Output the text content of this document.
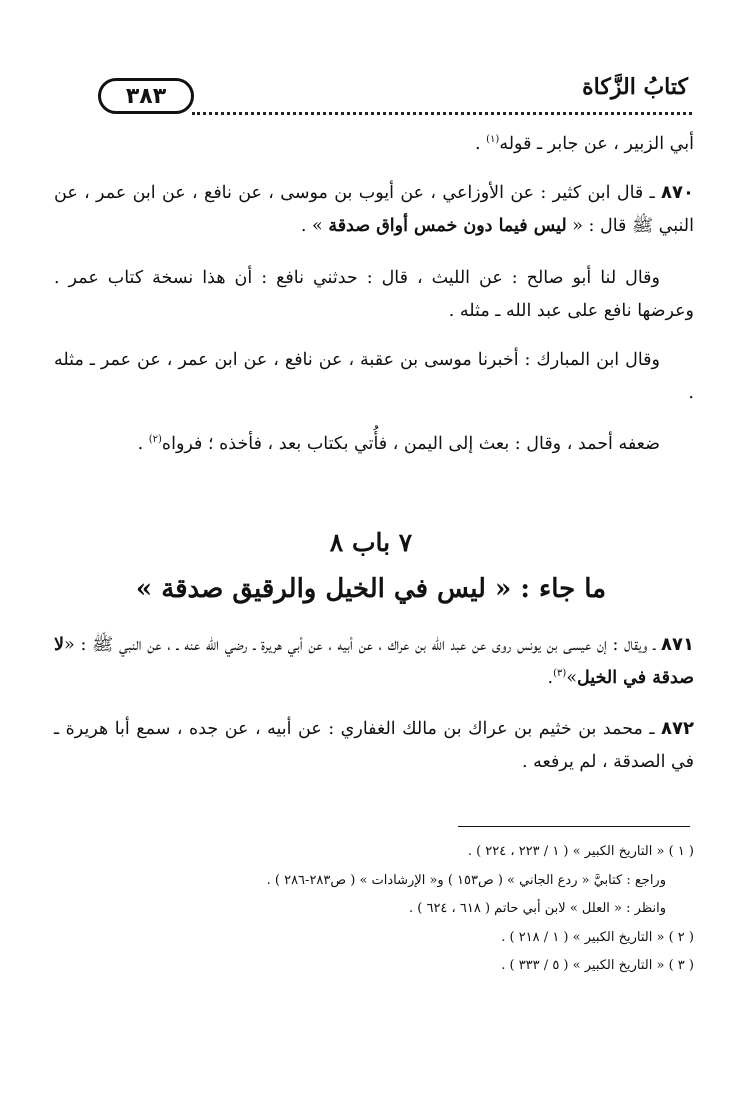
٣٨٣	كتابُ الزَّكاة

أبي الزبير ، عن جابر ـ قوله$^{(١)}$ .

٨٧٠ ـ قال ابن كثير : عن الأوزاعي ، عن أيوب بن موسى ، عن نافع ، عن ابن عمر ، عن النبي ﷺ قال : « ليس فيما دون خمس أواق صدقة » .

وقال لنا أبو صالح : عن الليث ، قال : حدثني نافع : أن هذا نسخة كتاب عمر . وعرضها نافع على عبد الله ـ مثله .

وقال ابن المبارك : أخبرنا موسى بن عقبة ، عن نافع ، عن ابن عمر ، عن عمر ـ مثله .

ضعفه أحمد ، وقال : بعث إلى اليمن ، فأُتي بكتاب بعد ، فأخذه ؛ فرواه$^{(٢)}$ .

٧ باب ٨
ما جاء : « ليس في الخيل والرقيق صدقة »

٨٧١ ـ ويقال : إن عيسى بن يونس روى عن عبد الله بن عراك ، عن أبيه ، عن أبي هريرة ـ رضي الله عنه ـ ، عن النبي ﷺ : «لا صدقة في الخيل»$^{(٣)}$.

٨٧٢ ـ محمد بن خثيم بن عراك بن مالك الغفاري : عن أبيه ، عن جده ، سمع أبا هريرة ـ في الصدقة ، لم يرفعه .

( ١ ) « التاريخ الكبير » ( ١ / ٢٢٣ ، ٢٢٤ ) .
وراجع : كتابيَّ « ردع الجاني » ( ص١٥٣ ) و« الإرشادات » ( ص٢٨٣-٢٨٦ ) .
وانظر : « العلل » لابن أبي حاتم ( ٦١٨ ، ٦٢٤ ) .
( ٢ ) « التاريخ الكبير » ( ١ / ٢١٨ ) .
( ٣ ) « التاريخ الكبير » ( ٥ / ٣٣٣ ) .
